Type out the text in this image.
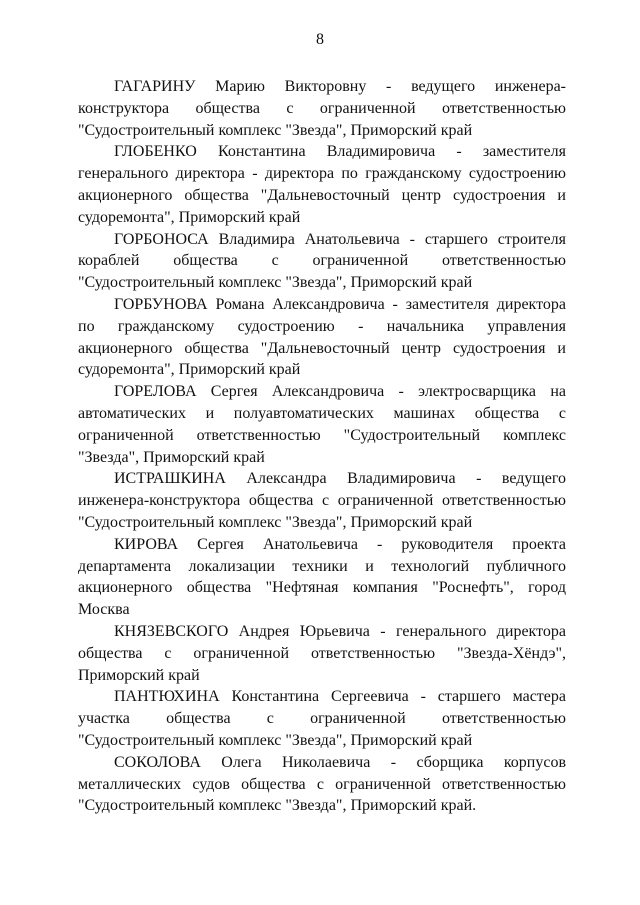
8

ГАГАРИНУ Марию Викторовну - ведущего инженера-конструктора общества с ограниченной ответственностью "Судостроительный комплекс "Звезда", Приморский край

ГЛОБЕНКО Константина Владимировича - заместителя генерального директора - директора по гражданскому судостроению акционерного общества "Дальневосточный центр судостроения и судоремонта", Приморский край

ГОРБОНОСА Владимира Анатольевича - старшего строителя кораблей общества с ограниченной ответственностью "Судостроительный комплекс "Звезда", Приморский край

ГОРБУНОВА Романа Александровича - заместителя директора по гражданскому судостроению - начальника управления акционерного общества "Дальневосточный центр судостроения и судоремонта", Приморский край

ГОРЕЛОВА Сергея Александровича - электросварщика на автоматических и полуавтоматических машинах общества с ограниченной ответственностью "Судостроительный комплекс "Звезда", Приморский край

ИСТРАШКИНА Александра Владимировича - ведущего инженера-конструктора общества с ограниченной ответственностью "Судостроительный комплекс "Звезда", Приморский край

КИРОВА Сергея Анатольевича - руководителя проекта департамента локализации техники и технологий публичного акционерного общества "Нефтяная компания "Роснефть", город Москва

КНЯЗЕВСКОГО Андрея Юрьевича - генерального директора общества с ограниченной ответственностью "Звезда-Хёндэ", Приморский край

ПАНТЮХИНА Константина Сергеевича - старшего мастера участка общества с ограниченной ответственностью "Судостроительный комплекс "Звезда", Приморский край

СОКОЛОВА Олега Николаевича - сборщика корпусов металлических судов общества с ограниченной ответственностью "Судостроительный комплекс "Звезда", Приморский край.
